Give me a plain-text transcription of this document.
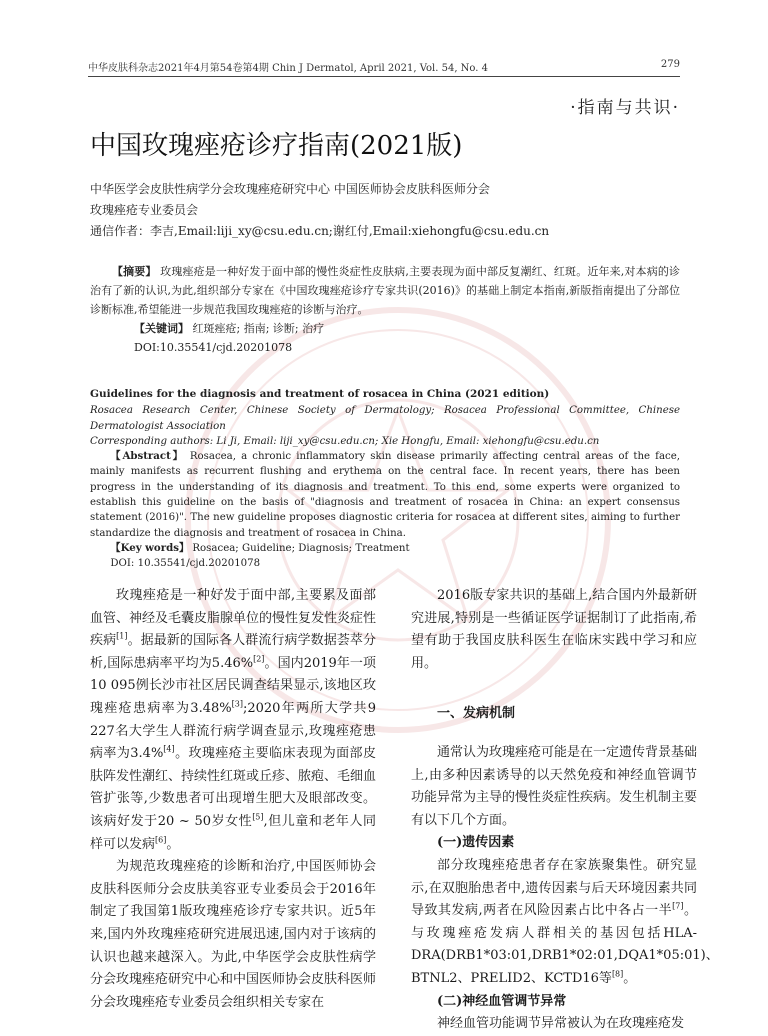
中华皮肤科杂志2021年4月第54卷第4期 Chin J Dermatol, April 2021, Vol. 54, No. 4	279
·指南与共识·
中国玫瑰痤疮诊疗指南(2021版)
中华医学会皮肤性病学分会玫瑰痤疮研究中心 中国医师协会皮肤科医师分会
玫瑰痤疮专业委员会
通信作者：李吉,Email:liji_xy@csu.edu.cn;谢红付,Email:xiehongfu@csu.edu.cn

【摘要】 玫瑰痤疮是一种好发于面中部的慢性炎症性皮肤病,主要表现为面中部反复潮红、红斑。近年来,对本病的诊治有了新的认识,为此,组织部分专家在《中国玫瑰痤疮诊疗专家共识(2016)》的基础上制定本指南,新版指南提出了分部位诊断标准,希望能进一步规范我国玫瑰痤疮的诊断与治疗。

【关键词】 红斑痤疮; 指南; 诊断; 治疗

DOI:10.35541/cjd.20201078

Guidelines for the diagnosis and treatment of rosacea in China (2021 edition)

Rosacea Research Center, Chinese Society of Dermatology; Rosacea Professional Committee, Chinese Dermatologist Association

Corresponding authors: Li Ji, Email: liji_xy@csu.edu.cn; Xie Hongfu, Email: xiehongfu@csu.edu.cn

【Abstract】 Rosacea, a chronic inflammatory skin disease primarily affecting central areas of the face, mainly manifests as recurrent flushing and erythema on the central face. In recent years, there has been progress in the understanding of its diagnosis and treatment. To this end, some experts were organized to establish this guideline on the basis of "diagnosis and treatment of rosacea in China: an expert consensus statement (2016)". The new guideline proposes diagnostic criteria for rosacea at different sites, aiming to further standardize the diagnosis and treatment of rosacea in China.

【Key words】 Rosacea; Guideline; Diagnosis; Treatment

DOI: 10.35541/cjd.20201078

玫瑰痤疮是一种好发于面中部,主要累及面部血管、神经及毛囊皮脂腺单位的慢性复发性炎症性疾病[1]。据最新的国际各人群流行病学数据荟萃分析,国际患病率平均为5.46%[2]。国内2019年一项10 095例长沙市社区居民调查结果显示,该地区玫瑰痤疮患病率为3.48%[3];2020年两所大学共9 227名大学生人群流行病学调查显示,玫瑰痤疮患病率为3.4%[4]。玫瑰痤疮主要临床表现为面部皮肤阵发性潮红、持续性红斑或丘疹、脓疱、毛细血管扩张等,少数患者可出现增生肥大及眼部改变。该病好发于20 ~ 50岁女性[5],但儿童和老年人同样可以发病[6]。

为规范玫瑰痤疮的诊断和治疗,中国医师协会皮肤科医师分会皮肤美容亚专业委员会于2016年制定了我国第1版玫瑰痤疮诊疗专家共识。近5年来,国内外玫瑰痤疮研究进展迅速,国内对于该病的认识也越来越深入。为此,中华医学会皮肤性病学分会玫瑰痤疮研究中心和中国医师协会皮肤科医师分会玫瑰痤疮专业委员会组织相关专家在

2016版专家共识的基础上,结合国内外最新研究进展,特别是一些循证医学证据制订了此指南,希望有助于我国皮肤科医生在临床实践中学习和应用。

一、发病机制

通常认为玫瑰痤疮可能是在一定遗传背景基础上,由多种因素诱导的以天然免疫和神经血管调节功能异常为主导的慢性炎症性疾病。发生机制主要有以下几个方面。

(一)遗传因素

部分玫瑰痤疮患者存在家族聚集性。研究显示,在双胞胎患者中,遗传因素与后天环境因素共同导致其发病,两者在风险因素占比中各占一半[7]。与玫瑰痤疮发病人群相关的基因包括HLA-DRA(DRB1*03:01,DRB1*02:01,DQA1*05:01)、BTNL2、PRELID2、KCTD16等[8]。

(二)神经血管调节异常

神经血管功能调节异常被认为在玫瑰痤疮发
